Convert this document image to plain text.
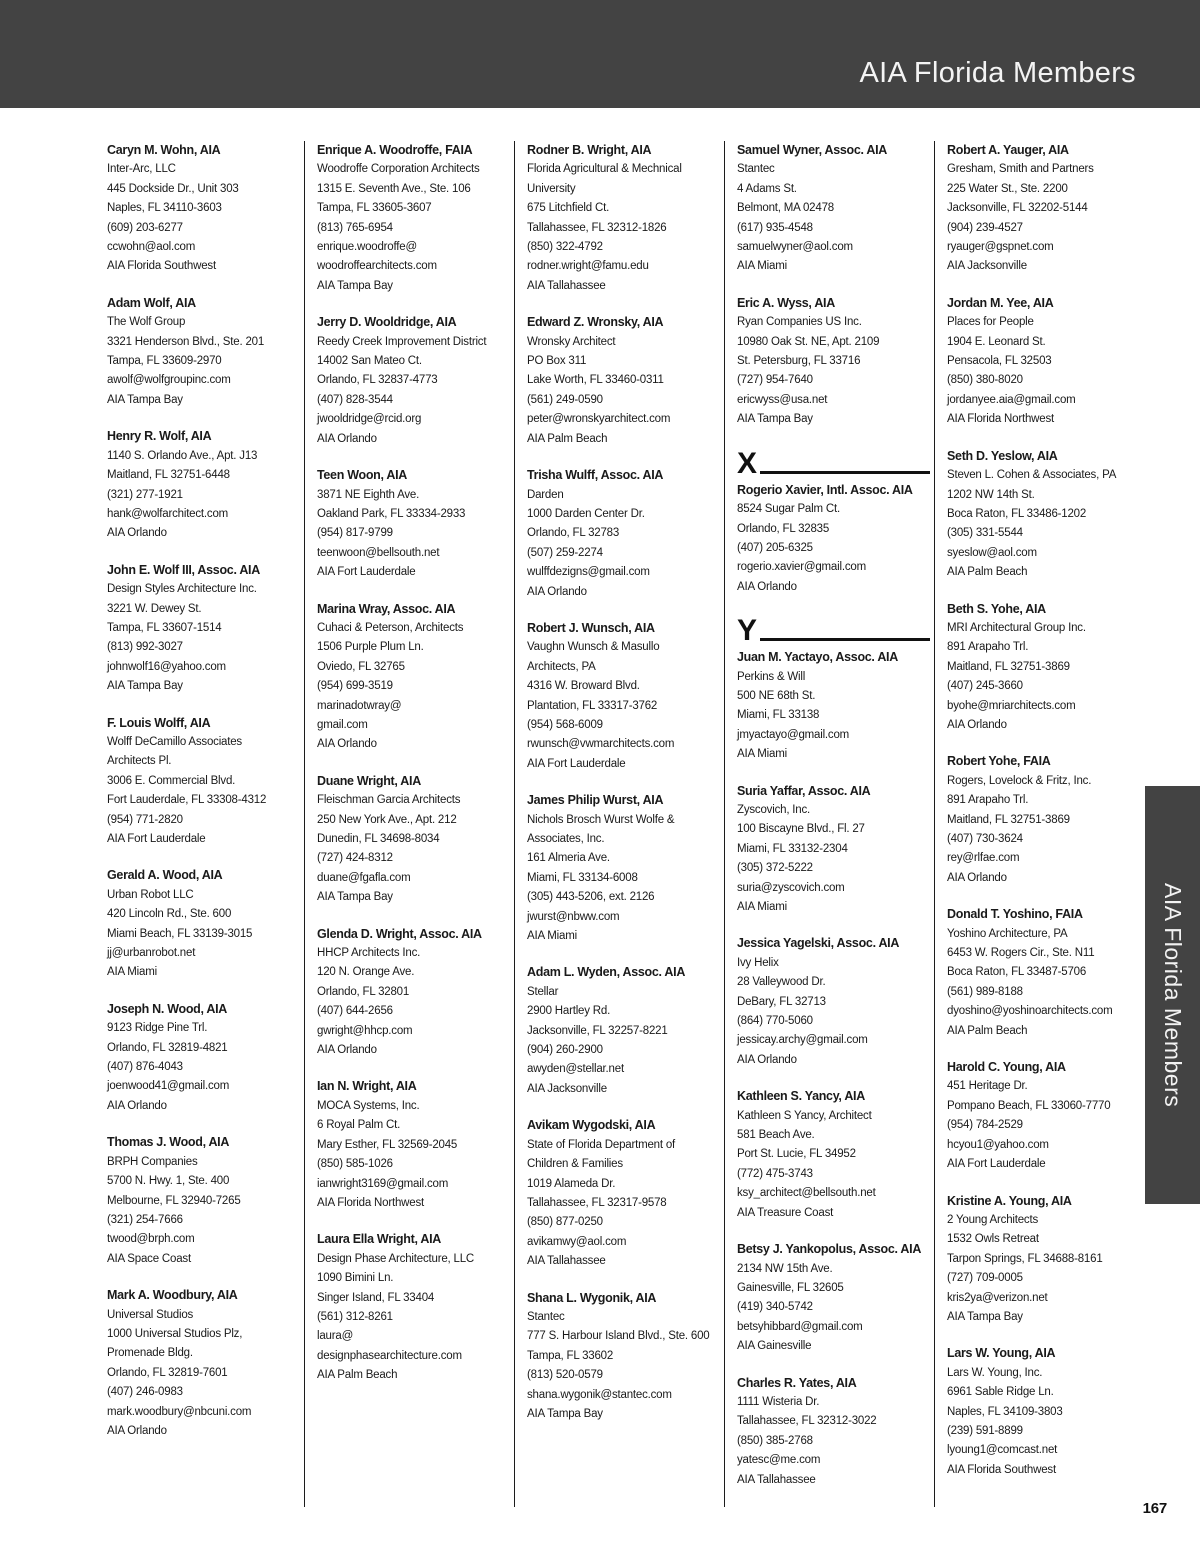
AIA Florida Members
Caryn M. Wohn, AIA
Inter-Arc, LLC
445 Dockside Dr., Unit 303
Naples, FL 34110-3603
(609) 203-6277
ccwohn@aol.com
AIA Florida Southwest
Adam Wolf, AIA
The Wolf Group
3321 Henderson Blvd., Ste. 201
Tampa, FL 33609-2970
awolf@wolfgroupinc.com
AIA Tampa Bay
Henry R. Wolf, AIA
1140 S. Orlando Ave., Apt. J13
Maitland, FL 32751-6448
(321) 277-1921
hank@wolfarchitect.com
AIA Orlando
John E. Wolf III, Assoc. AIA
Design Styles Architecture Inc.
3221 W. Dewey St.
Tampa, FL 33607-1514
(813) 992-3027
johnwolf16@yahoo.com
AIA Tampa Bay
F. Louis Wolff, AIA
Wolff DeCamillo Associates
Architects Pl.
3006 E. Commercial Blvd.
Fort Lauderdale, FL 33308-4312
(954) 771-2820
AIA Fort Lauderdale
Gerald A. Wood, AIA
Urban Robot LLC
420 Lincoln Rd., Ste. 600
Miami Beach, FL 33139-3015
jj@urbanrobot.net
AIA Miami
Joseph N. Wood, AIA
9123 Ridge Pine Trl.
Orlando, FL 32819-4821
(407) 876-4043
joenwood41@gmail.com
AIA Orlando
Thomas J. Wood, AIA
BRPH Companies
5700 N. Hwy. 1, Ste. 400
Melbourne, FL 32940-7265
(321) 254-7666
twood@brph.com
AIA Space Coast
Mark A. Woodbury, AIA
Universal Studios
1000 Universal Studios Plz,
Promenade Bldg.
Orlando, FL 32819-7601
(407) 246-0983
mark.woodbury@nbcuni.com
AIA Orlando
Enrique A. Woodroffe, FAIA
Woodroffe Corporation Architects
1315 E. Seventh Ave., Ste. 106
Tampa, FL 33605-3607
(813) 765-6954
enrique.woodroffe@
woodroffearchitects.com
AIA Tampa Bay
Jerry D. Wooldridge, AIA
Reedy Creek Improvement District
14002 San Mateo Ct.
Orlando, FL 32837-4773
(407) 828-3544
jwooldridge@rcid.org
AIA Orlando
Teen Woon, AIA
3871 NE Eighth Ave.
Oakland Park, FL 33334-2933
(954) 817-9799
teenwoon@bellsouth.net
AIA Fort Lauderdale
Marina Wray, Assoc. AIA
Cuhaci & Peterson, Architects
1506 Purple Plum Ln.
Oviedo, FL 32765
(954) 699-3519
marinadotwray@
gmail.com
AIA Orlando
Duane Wright, AIA
Fleischman Garcia Architects
250 New York Ave., Apt. 212
Dunedin, FL 34698-8034
(727) 424-8312
duane@fgafla.com
AIA Tampa Bay
Glenda D. Wright, Assoc. AIA
HHCP Architects Inc.
120 N. Orange Ave.
Orlando, FL 32801
(407) 644-2656
gwright@hhcp.com
AIA Orlando
Ian N. Wright, AIA
MOCA Systems, Inc.
6 Royal Palm Ct.
Mary Esther, FL 32569-2045
(850) 585-1026
ianwright3169@gmail.com
AIA Florida Northwest
Laura Ella Wright, AIA
Design Phase Architecture, LLC
1090 Bimini Ln.
Singer Island, FL 33404
(561) 312-8261
laura@
designphasearchitecture.com
AIA Palm Beach
Rodner B. Wright, AIA
Florida Agricultural & Mechnical
University
675 Litchfield Ct.
Tallahassee, FL 32312-1826
(850) 322-4792
rodner.wright@famu.edu
AIA Tallahassee
Edward Z. Wronsky, AIA
Wronsky Architect
PO Box 311
Lake Worth, FL 33460-0311
(561) 249-0590
peter@wronskyarchitect.com
AIA Palm Beach
Trisha Wulff, Assoc. AIA
Darden
1000 Darden Center Dr.
Orlando, FL 32783
(507) 259-2274
wulffdezigns@gmail.com
AIA Orlando
Robert J. Wunsch, AIA
Vaughn Wunsch & Masullo
Architects, PA
4316 W. Broward Blvd.
Plantation, FL 33317-3762
(954) 568-6009
rwunsch@vwmarchitects.com
AIA Fort Lauderdale
James Philip Wurst, AIA
Nichols Brosch Wurst Wolfe &
Associates, Inc.
161 Almeria Ave.
Miami, FL 33134-6008
(305) 443-5206, ext. 2126
jwurst@nbww.com
AIA Miami
Adam L. Wyden, Assoc. AIA
Stellar
2900 Hartley Rd.
Jacksonville, FL 32257-8221
(904) 260-2900
awyden@stellar.net
AIA Jacksonville
Avikam Wygodski, AIA
State of Florida Department of
Children & Families
1019 Alameda Dr.
Tallahassee, FL 32317-9578
(850) 877-0250
avikamwy@aol.com
AIA Tallahassee
Shana L. Wygonik, AIA
Stantec
777 S. Harbour Island Blvd., Ste. 600
Tampa, FL 33602
(813) 520-0579
shana.wygonik@stantec.com
AIA Tampa Bay
Samuel Wyner, Assoc. AIA
Stantec
4 Adams St.
Belmont, MA 02478
(617) 935-4548
samuelwyner@aol.com
AIA Miami
Eric A. Wyss, AIA
Ryan Companies US Inc.
10980 Oak St. NE, Apt. 2109
St. Petersburg, FL 33716
(727) 954-7640
ericwyss@usa.net
AIA Tampa Bay
X
Rogerio Xavier, Intl. Assoc. AIA
8524 Sugar Palm Ct.
Orlando, FL 32835
(407) 205-6325
rogerio.xavier@gmail.com
AIA Orlando
Y
Juan M. Yactayo, Assoc. AIA
Perkins & Will
500 NE 68th St.
Miami, FL 33138
jmyactayo@gmail.com
AIA Miami
Suria Yaffar, Assoc. AIA
Zyscovich, Inc.
100 Biscayne Blvd., Fl. 27
Miami, FL 33132-2304
(305) 372-5222
suria@zyscovich.com
AIA Miami
Jessica Yagelski, Assoc. AIA
Ivy Helix
28 Valleywood Dr.
DeBary, FL 32713
(864) 770-5060
jessicay.archy@gmail.com
AIA Orlando
Kathleen S. Yancy, AIA
Kathleen S Yancy, Architect
581 Beach Ave.
Port St. Lucie, FL 34952
(772) 475-3743
ksy_architect@bellsouth.net
AIA Treasure Coast
Betsy J. Yankopolus, Assoc. AIA
2134 NW 15th Ave.
Gainesville, FL 32605
(419) 340-5742
betsyhibbard@gmail.com
AIA Gainesville
Charles R. Yates, AIA
1111 Wisteria Dr.
Tallahassee, FL 32312-3022
(850) 385-2768
yatesc@me.com
AIA Tallahassee
Robert A. Yauger, AIA
Gresham, Smith and Partners
225 Water St., Ste. 2200
Jacksonville, FL 32202-5144
(904) 239-4527
ryauger@gspnet.com
AIA Jacksonville
Jordan M. Yee, AIA
Places for People
1904 E. Leonard St.
Pensacola, FL 32503
(850) 380-8020
jordanyee.aia@gmail.com
AIA Florida Northwest
Seth D. Yeslow, AIA
Steven L. Cohen & Associates, PA
1202 NW 14th St.
Boca Raton, FL 33486-1202
(305) 331-5544
syeslow@aol.com
AIA Palm Beach
Beth S. Yohe, AIA
MRI Architectural Group Inc.
891 Arapaho Trl.
Maitland, FL 32751-3869
(407) 245-3660
byohe@mriarchitects.com
AIA Orlando
Robert Yohe, FAIA
Rogers, Lovelock & Fritz, Inc.
891 Arapaho Trl.
Maitland, FL 32751-3869
(407) 730-3624
rey@rlfae.com
AIA Orlando
Donald T. Yoshino, FAIA
Yoshino Architecture, PA
6453 W. Rogers Cir., Ste. N11
Boca Raton, FL 33487-5706
(561) 989-8188
dyoshino@yoshinoarchitects.com
AIA Palm Beach
Harold C. Young, AIA
451 Heritage Dr.
Pompano Beach, FL 33060-7770
(954) 784-2529
hcyou1@yahoo.com
AIA Fort Lauderdale
Kristine A. Young, AIA
2 Young Architects
1532 Owls Retreat
Tarpon Springs, FL 34688-8161
(727) 709-0005
kris2ya@verizon.net
AIA Tampa Bay
Lars W. Young, AIA
Lars W. Young, Inc.
6961 Sable Ridge Ln.
Naples, FL 34109-3803
(239) 591-8899
lyoung1@comcast.net
AIA Florida Southwest
AIA Florida Members
167
